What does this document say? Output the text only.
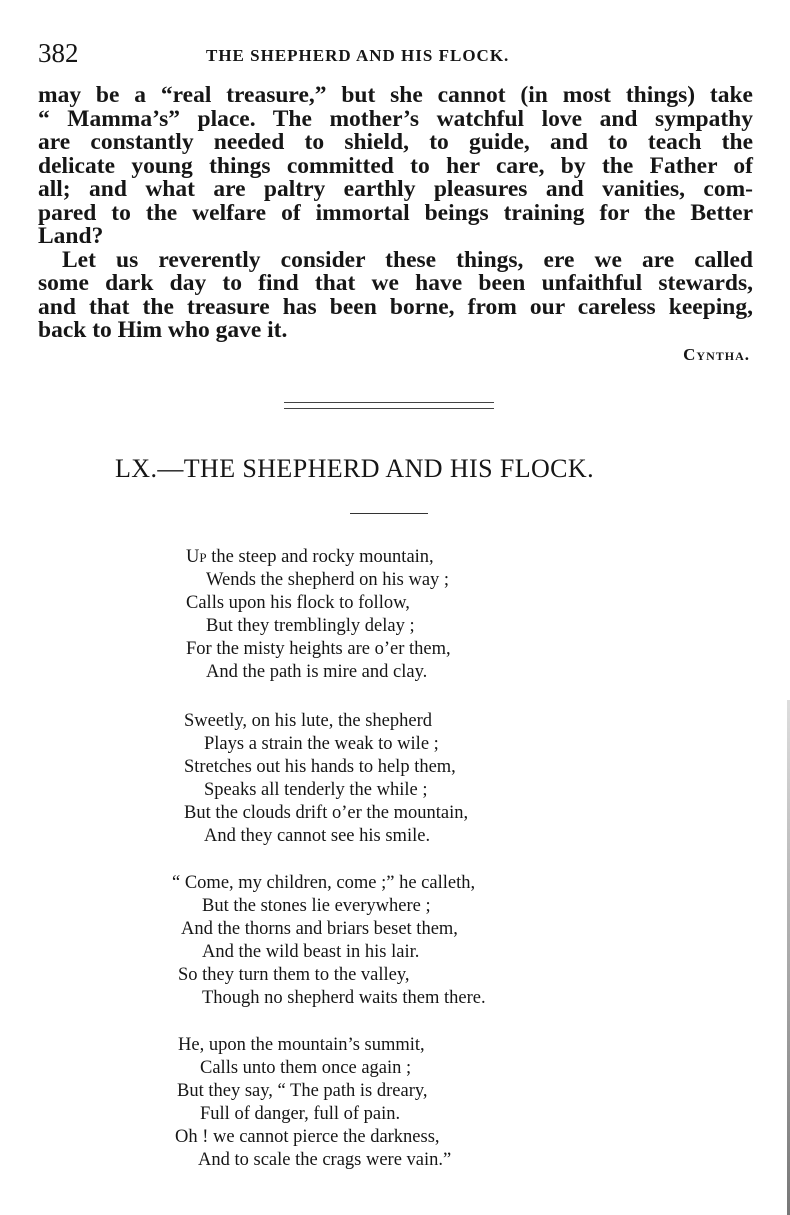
382	THE SHEPHERD AND HIS FLOCK.
may be a “real treasure,” but she cannot (in most things) take
“ Mamma’s” place. The mother’s watchful love and sympathy
are constantly needed to shield, to guide, and to teach the
delicate young things committed to her care, by the Father of
all; and what are paltry earthly pleasures and vanities, com-
pared to the welfare of immortal beings training for the Better
Land?
Let us reverently consider these things, ere we are called
some dark day to find that we have been unfaithful stewards,
and that the treasure has been borne, from our careless keeping,
back to Him who gave it.
Cyntha.
LX.—THE SHEPHERD AND HIS FLOCK.
Up the steep and rocky mountain,
Wends the shepherd on his way ;
Calls upon his flock to follow,
But they tremblingly delay ;
For the misty heights are o’er them,
And the path is mire and clay.
Sweetly, on his lute, the shepherd
Plays a strain the weak to wile ;
Stretches out his hands to help them,
Speaks all tenderly the while ;
But the clouds drift o’er the mountain,
And they cannot see his smile.
“ Come, my children, come ;” he calleth,
But the stones lie everywhere ;
And the thorns and briars beset them,
And the wild beast in his lair.
So they turn them to the valley,
Though no shepherd waits them there.
He, upon the mountain’s summit,
Calls unto them once again ;
But they say, “ The path is dreary,
Full of danger, full of pain.
Oh ! we cannot pierce the darkness,
And to scale the crags were vain.”
